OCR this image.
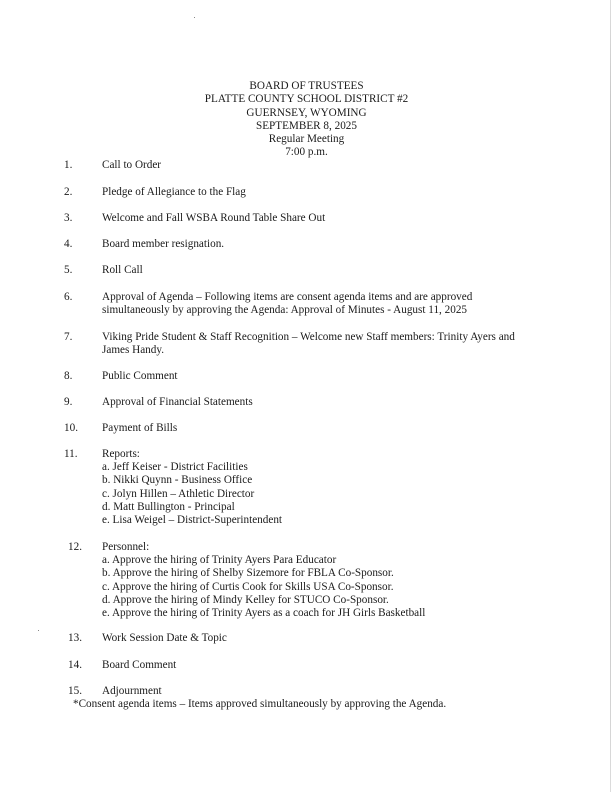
BOARD OF TRUSTEES
PLATTE COUNTY SCHOOL DISTRICT #2
GUERNSEY, WYOMING
SEPTEMBER 8, 2025
Regular Meeting
7:00 p.m.
1.	Call to Order
2.	Pledge of Allegiance to the Flag
3.	Welcome and Fall WSBA Round Table Share Out
4.	Board member resignation.
5.	Roll Call
6.	Approval of Agenda – Following items are consent agenda items and are approved
simultaneously by approving the Agenda: Approval of Minutes - August 11, 2025
7.	Viking Pride Student & Staff Recognition – Welcome new Staff members: Trinity Ayers and
James Handy.
8.	Public Comment
9.	Approval of Financial Statements
10. Payment of Bills
11. Reports:
a. Jeff Keiser - District Facilities
b. Nikki Quynn - Business Office
c. Jolyn Hillen – Athletic Director
d. Matt Bullington - Principal
e. Lisa Weigel – District-Superintendent
12. Personnel:
a. Approve the hiring of Trinity Ayers Para Educator
b. Approve the hiring of Shelby Sizemore for FBLA Co-Sponsor.
c. Approve the hiring of Curtis Cook for Skills USA Co-Sponsor.
d. Approve the hiring of Mindy Kelley for STUCO Co-Sponsor.
e. Approve the hiring of Trinity Ayers as a coach for JH Girls Basketball
13. Work Session Date & Topic
14. Board Comment
15. Adjournment
*Consent agenda items – Items approved simultaneously by approving the Agenda.
